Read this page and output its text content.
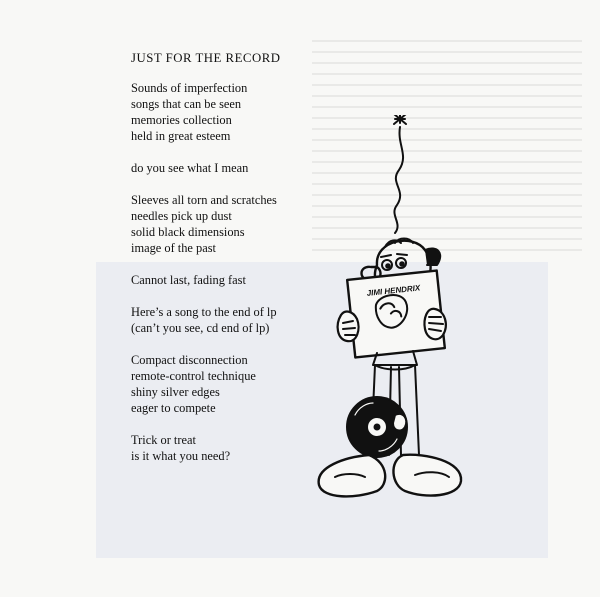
JUST FOR THE RECORD
Sounds of imperfection
songs that can be seen
memories collection
held in great esteem
do you see what I mean
Sleeves all torn and scratches
needles pick up dust
solid black dimensions
image of the past
Cannot last, fading fast
Here’s a song to the end of lp
(can’t you see, cd end of lp)
Compact disconnection
remote-control technique
shiny silver edges
eager to compete
Trick or treat
is it what you need?
JIMI HENDRIX
